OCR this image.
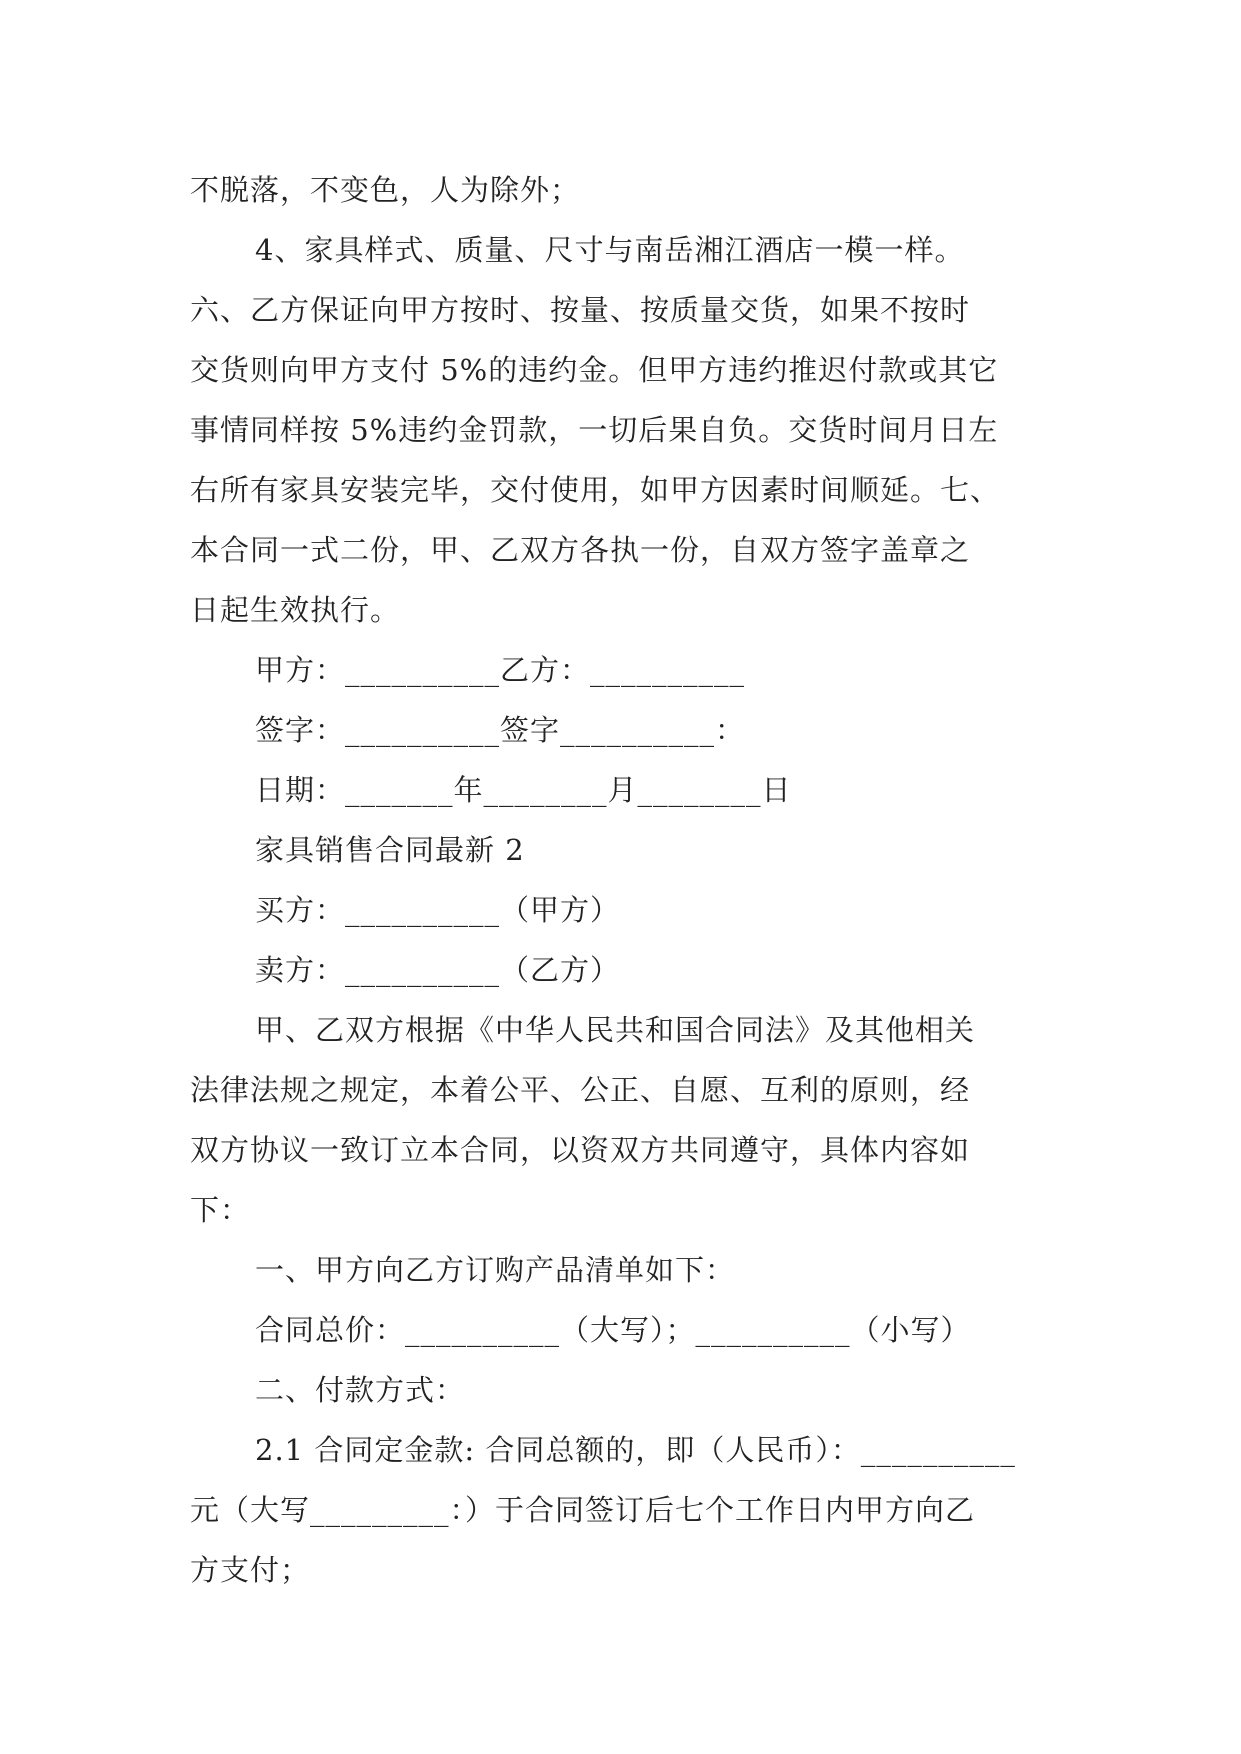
不脱落，不变色，人为除外；
4、家具样式、质量、尺寸与南岳湘江酒店一模一样。
六、乙方保证向甲方按时、按量、按质量交货，如果不按时
交货则向甲方支付 5%的违约金。但甲方违约推迟付款或其它
事情同样按 5%违约金罚款，一切后果自负。交货时间月日左
右所有家具安装完毕，交付使用，如甲方因素时间顺延。七、
本合同一式二份，甲、乙双方各执一份，自双方签字盖章之
日起生效执行。
甲方：__________乙方：__________
签字：__________签字__________：
日期：_______年________月________日
家具销售合同最新 2
买方：__________（甲方）
卖方：__________（乙方）
甲、乙双方根据《中华人民共和国合同法》及其他相关
法律法规之规定，本着公平、公正、自愿、互利的原则，经
双方协议一致订立本合同，以资双方共同遵守，具体内容如
下：
一、甲方向乙方订购产品清单如下：
合同总价：__________（大写）；__________（小写）
二、付款方式：
2.1 合同定金款: 合同总额的，即（人民币）：__________
元（大写_________：）于合同签订后七个工作日内甲方向乙
方支付；
